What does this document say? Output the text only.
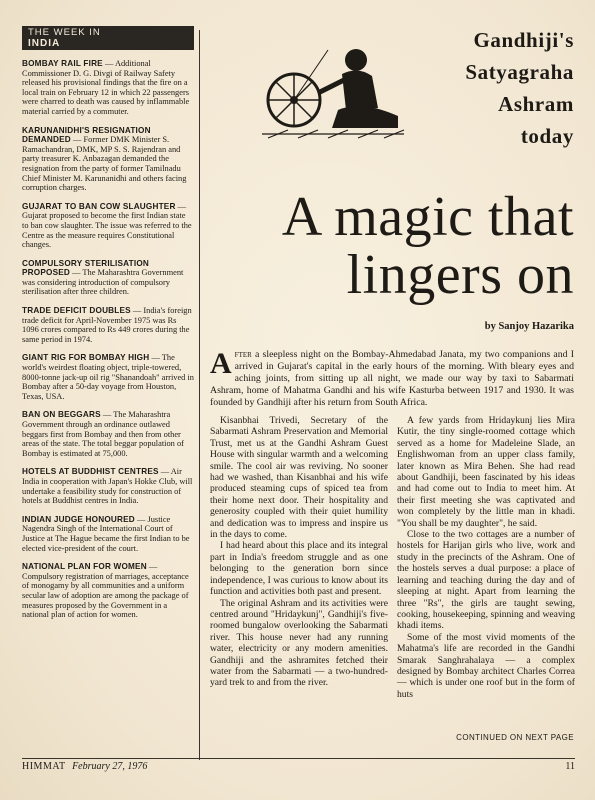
THE WEEK IN
INDIA

BOMBAY RAIL FIRE — Additional Commissioner D. G. Divgi of Railway Safety released his provisional findings that the fire on a local train on February 12 in which 22 passengers were charred to death was caused by inflammable material carried by a commuter.

KARUNANIDHI'S RESIGNATION DEMANDED — Former DMK Minister S. Ramachandran, DMK, MP S. S. Rajendran and party treasurer K. Anbazagan demanded the resignation from the party of former Tamilnadu Chief Minister M. Karunanidhi and others facing corruption charges.

GUJARAT TO BAN COW SLAUGHTER — Gujarat proposed to become the first Indian state to ban cow slaughter. The issue was referred to the Centre as the measure requires Constitutional changes.

COMPULSORY STERILISATION PROPOSED — The Maharashtra Government was considering introduction of compulsory sterilisation after three children.

TRADE DEFICIT DOUBLES — India's foreign trade deficit for April-November 1975 was Rs 1096 crores compared to Rs 449 crores during the same period in 1974.

GIANT RIG FOR BOMBAY HIGH — The world's weirdest floating object, triple-towered, 8000-tonne jack-up oil rig "Shanandoah" arrived in Bombay after a 50-day voyage from Houston, Texas, USA.

BAN ON BEGGARS — The Maharashtra Government through an ordinance outlawed beggars first from Bombay and then from other areas of the state. The total beggar population of Bombay is estimated at 75,000.

HOTELS AT BUDDHIST CENTRES — Air India in cooperation with Japan's Hokke Club, will undertake a feasibility study for construction of hotels at Buddhist centres in India.

INDIAN JUDGE HONOURED — Justice Nagendra Singh of the International Court of Justice at The Hague became the first Indian to be elected vice-president of the court.

NATIONAL PLAN FOR WOMEN — Compulsory registration of marriages, acceptance of monogamy by all communities and a uniform secular law of adoption are among the package of measures proposed by the Government in a national plan of action for women.

Gandhiji's
Satyagraha
Ashram
today
A magic that
lingers on
by Sanjoy Hazarika
After a sleepless night on the Bombay-Ahmedabad Janata, my two companions and I arrived in Gujarat's capital in the early hours of the morning. With bleary eyes and aching joints, from sitting up all night, we made our way by taxi to Sabarmati Ashram, home of Mahatma Gandhi and his wife Kasturba between 1917 and 1930. It was founded by Gandhiji after his return from South Africa.

Kisanbhai Trivedi, Secretary of the Sabarmati Ashram Preservation and Memorial Trust, met us at the Gandhi Ashram Guest House with singular warmth and a welcoming smile. The cool air was reviving. No sooner had we washed, than Kisanbhai and his wife produced steaming cups of spiced tea from their home next door. Their hospitality and generosity coupled with their quiet humility and dedication was to impress and inspire us in the days to come.

I had heard about this place and its integral part in India's freedom struggle and as one belonging to the generation born since independence, I was curious to know about its function and activities both past and present.

The original Ashram and its activities were centred around "Hridaykunj", Gandhiji's five-roomed bungalow overlooking the Sabarmati river. This house never had any running water, electricity or any modern amenities. Gandhiji and the ashramites fetched their water from the Sabarmati — a two-hundred-yard trek to and from the river.

A few yards from Hridaykunj lies Mira Kutir, the tiny single-roomed cottage which served as a home for Madeleine Slade, an Englishwoman from an upper class family, later known as Mira Behen. She had read about Gandhiji, been fascinated by his ideas and had come out to India to meet him. At their first meeting she was captivated and won completely by the little man in khadi. "You shall be my daughter", he said.

Close to the two cottages are a number of hostels for Harijan girls who live, work and study in the precincts of the Ashram. One of the hostels serves a dual purpose: a place of learning and teaching during the day and of sleeping at night. Apart from learning the three "Rs", the girls are taught sewing, cooking, housekeeping, spinning and weaving khadi items.

Some of the most vivid moments of the Mahatma's life are recorded in the Gandhi Smarak Sanghrahalaya — a complex designed by Bombay architect Charles Correa — which is under one roof but in the form of huts

CONTINUED ON NEXT PAGE
HIMMAT February 27, 1976	11
